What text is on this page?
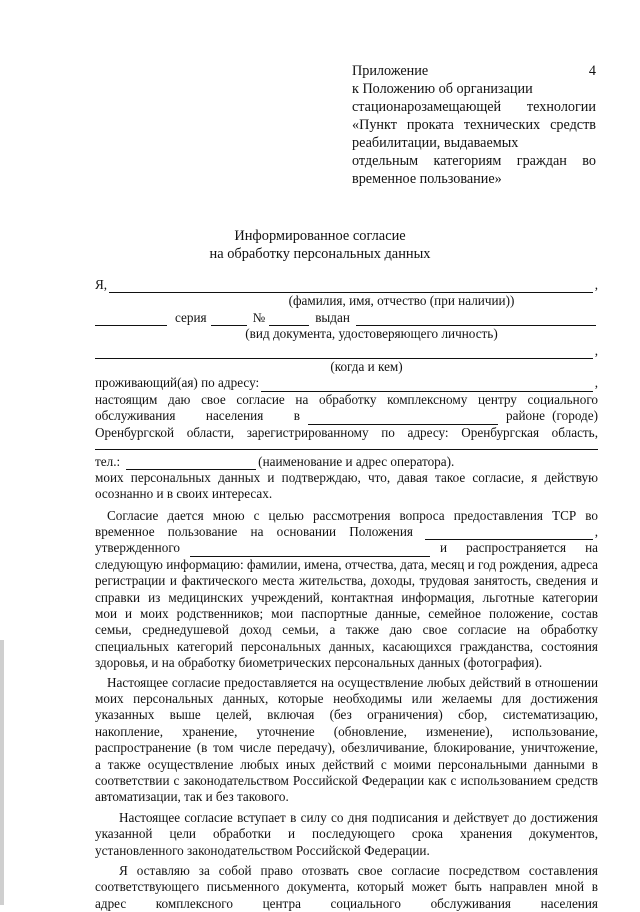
Приложение 4
к Положению об организации
стационарозамещающей технологии
«Пункт проката технических средств
реабилитации, выдаваемых
отдельным категориям граждан во
временное пользование»
Информированное согласие
на обработку персональных данных
Я,	,
(фамилия, имя, отчество (при наличии))
серия	№	выдан
(вид документа, удостоверяющего личность)
,
(когда и кем)
проживающий(ая) по адресу:	,
настоящим даю свое согласие на обработку комплексному центру социального
обслуживания населения в	районе (городе)
Оренбургской области, зарегистрированному по адресу: Оренбургская область,
тел.:	(наименование и адрес оператора).
моих персональных данных и подтверждаю, что, давая такое согласие, я действую
осознанно и в своих интересах.
Согласие дается мною с целью рассмотрения вопроса предоставления ТСР во
временное пользование на основании Положения	,
утвержденного	и распространяется на
следующую информацию: фамилии, имена, отчества, дата, месяц и год рождения, адреса
регистрации и фактического места жительства, доходы, трудовая занятость, сведения и
справки из медицинских учреждений, контактная информация, льготные категории
мои и моих родственников; мои паспортные данные, семейное положение, состав
семьи, среднедушевой доход семьи, а также даю свое согласие на обработку
специальных категорий персональных данных, касающихся гражданства, состояния
здоровья, и на обработку биометрических персональных данных (фотография).
Настоящее согласие предоставляется на осуществление любых действий в отношении
моих персональных данных, которые необходимы или желаемы для достижения
указанных выше целей, включая (без ограничения) сбор, систематизацию,
накопление, хранение, уточнение (обновление, изменение), использование,
распространение (в том числе передачу), обезличивание, блокирование, уничтожение,
а также осуществление любых иных действий с моими персональными данными в
соответствии с законодательством Российской Федерации как с использованием средств
автоматизации, так и без такового.
Настоящее согласие вступает в силу со дня подписания и действует до достижения
указанной цели обработки и последующего срока хранения документов,
установленного законодательством Российской Федерации.
Я оставляю за собой право отозвать свое согласие посредством составления
соответствующего письменного документа, который может быть направлен мной в
адрес комплексного центра социального обслуживания населения
